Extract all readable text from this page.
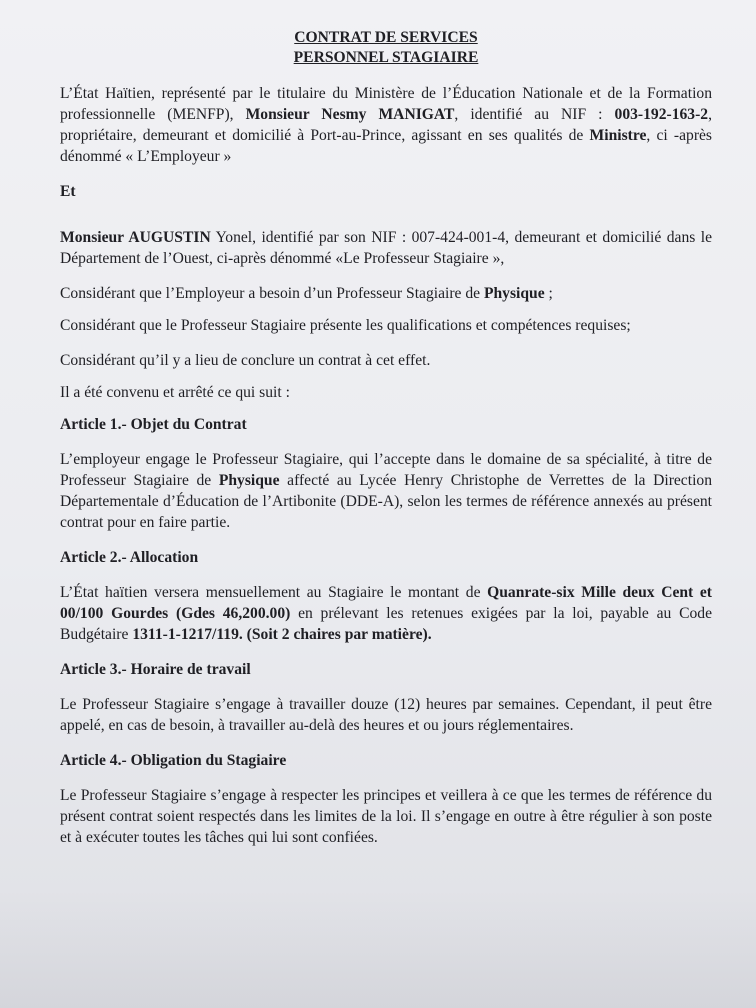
CONTRAT DE SERVICES
PERSONNEL STAGIAIRE

L’État Haïtien, représenté par le titulaire du Ministère de l’Éducation Nationale et de la Formation professionnelle (MENFP), Monsieur Nesmy MANIGAT, identifié au NIF : 003-192-163-2, propriétaire, demeurant et domicilié à Port-au-Prince, agissant en ses qualités de Ministre, ci -après dénommé « L’Employeur »

Et

Monsieur AUGUSTIN Yonel, identifié par son NIF : 007-424-001-4, demeurant et domicilié dans le Département de l’Ouest, ci-après dénommé «Le Professeur Stagiaire »,

Considérant que l’Employeur a besoin d’un Professeur Stagiaire de Physique ;

Considérant que le Professeur Stagiaire présente les qualifications et compétences requises;

Considérant qu’il y a lieu de conclure un contrat à cet effet.

Il a été convenu et arrêté ce qui suit :

Article 1.- Objet du Contrat

L’employeur engage le Professeur Stagiaire, qui l’accepte dans le domaine de sa spécialité, à titre de Professeur Stagiaire de Physique affecté au Lycée Henry Christophe de Verrettes de la Direction Départementale d’Éducation de l’Artibonite (DDE-A), selon les termes de référence annexés au présent contrat pour en faire partie.

Article 2.- Allocation

L’État haïtien versera mensuellement au Stagiaire le montant de Quanrate-six Mille deux Cent et 00/100 Gourdes (Gdes 46,200.00) en prélevant les retenues exigées par la loi, payable au Code Budgétaire 1311-1-1217/119. (Soit 2 chaires par matière).

Article 3.- Horaire de travail

Le Professeur Stagiaire s’engage à travailler douze (12) heures par semaines. Cependant, il peut être appelé, en cas de besoin, à travailler au-delà des heures et ou jours réglementaires.

Article 4.- Obligation du Stagiaire

Le Professeur Stagiaire s’engage à respecter les principes et veillera à ce que les termes de référence du présent contrat soient respectés dans les limites de la loi. Il s’engage en outre à être régulier à son poste et à exécuter toutes les tâches qui lui sont confiées.
